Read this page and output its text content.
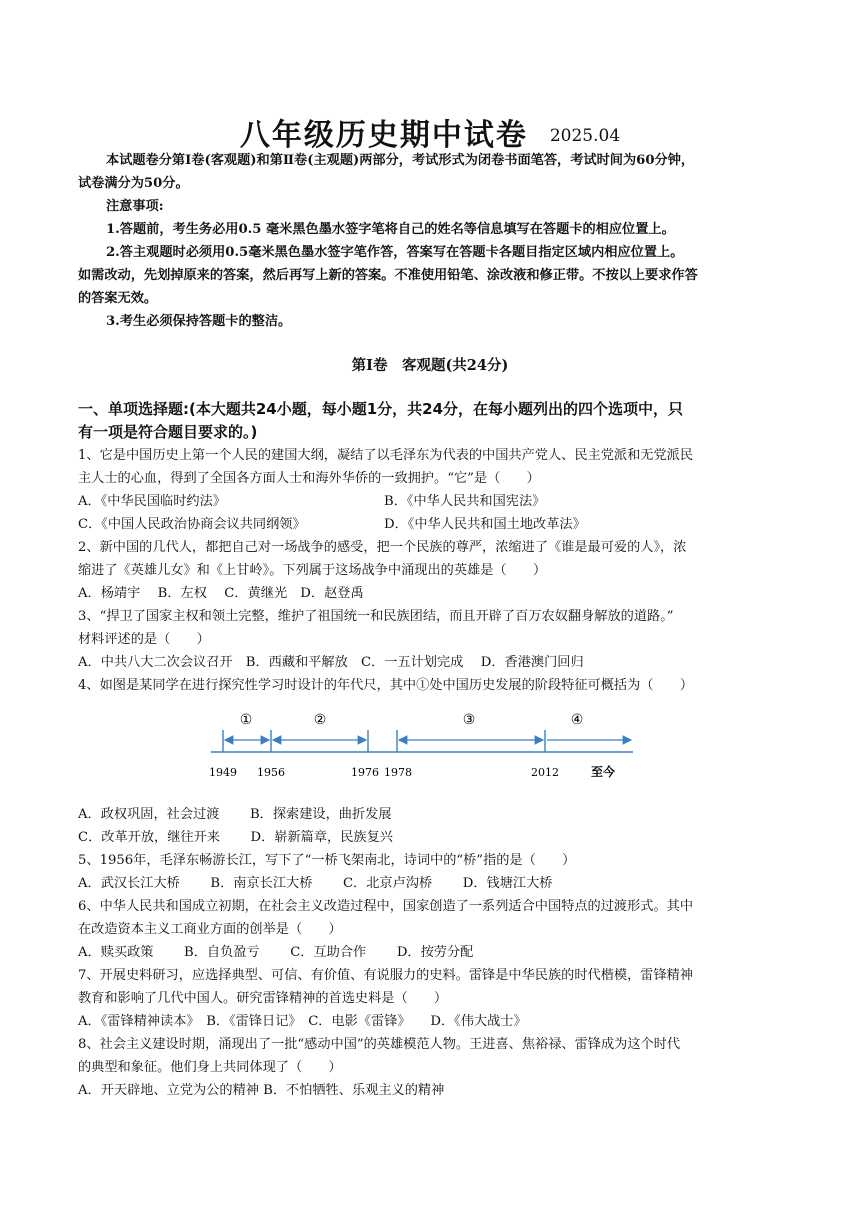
八年级历史期中试卷 2025.04
本试题卷分第Ⅰ卷(客观题)和第Ⅱ卷(主观题)两部分，考试形式为闭卷书面笔答，考试时间为60分钟，
试卷满分为50分。
注意事项:
1.答题前，考生务必用0.5 毫米黑色墨水签字笔将自己的姓名等信息填写在答题卡的相应位置上。
2.答主观题时必须用0.5毫米黑色墨水签字笔作答，答案写在答题卡各题目指定区域内相应位置上。
如需改动，先划掉原来的答案，然后再写上新的答案。不准使用铅笔、涂改液和修正带。不按以上要求作答
的答案无效。
3.考生必须保持答题卡的整洁。
第Ⅰ卷　客观题(共24分)
一、单项选择题:(本大题共24小题，每小题1分，共24分，在每小题列出的四个选项中，只
有一项是符合题目要求的。)
1、它是中国历史上第一个人民的建国大纲，凝结了以毛泽东为代表的中国共产党人、民主党派和无党派民
主人士的心血，得到了全国各方面人士和海外华侨的一致拥护。“它”是（　　）
A．《中华民国临时约法》	B．《中华人民共和国宪法》
C．《中国人民政治协商会议共同纲领》	D．《中华人民共和国土地改革法》
2、新中国的几代人，都把自己对一场战争的感受，把一个民族的尊严，浓缩进了《谁是最可爱的人》，浓
缩进了《英雄儿女》和《上甘岭》。下列属于这场战争中涌现出的英雄是（　　）
A．杨靖宇　 B．左权　 C．黄继光　D．赵登禹
3、“捍卫了国家主权和领土完整，维护了祖国统一和民族团结，而且开辟了百万农奴翻身解放的道路。”
材料评述的是（　　）
A．中共八大二次会议召开　B．西藏和平解放　C．一五计划完成　 D．香港澳门回归
4、如图是某同学在进行探究性学习时设计的年代尺，其中①处中国历史发展的阶段特征可概括为（　　）
①	②	③	④
1949 1956	1976 1978	2012	至今
A．政权巩固，社会过渡　　 B．探索建设，曲折发展
C．改革开放，继往开来　　 D．崭新篇章，民族复兴
5、1956年，毛泽东畅游长江，写下了“一桥飞架南北，诗词中的“桥”指的是（　　）
A．武汉长江大桥　　 B．南京长江大桥　　 C．北京卢沟桥　　 D．钱塘江大桥
6、中华人民共和国成立初期，在社会主义改造过程中，国家创造了一系列适合中国特点的过渡形式。其中
在改造资本主义工商业方面的创举是（　　）
A．赎买政策　　 B．自负盈亏　　 C．互助合作　　 D．按劳分配
7、开展史料研习，应选择典型、可信、有价值、有说服力的史料。雷锋是中华民族的时代楷模，雷锋精神
教育和影响了几代中国人。研究雷锋精神的首选史料是（　　）
A．《雷锋精神读本》　B．《雷锋日记》　C．电影《雷锋》　　D．《伟大战士》
8、社会主义建设时期，涌现出了一批“感动中国”的英雄模范人物。王进喜、焦裕禄、雷锋成为这个时代
的典型和象征。他们身上共同体现了（　　）
A．开天辟地、立党为公的精神 B．不怕牺牲、乐观主义的精神
